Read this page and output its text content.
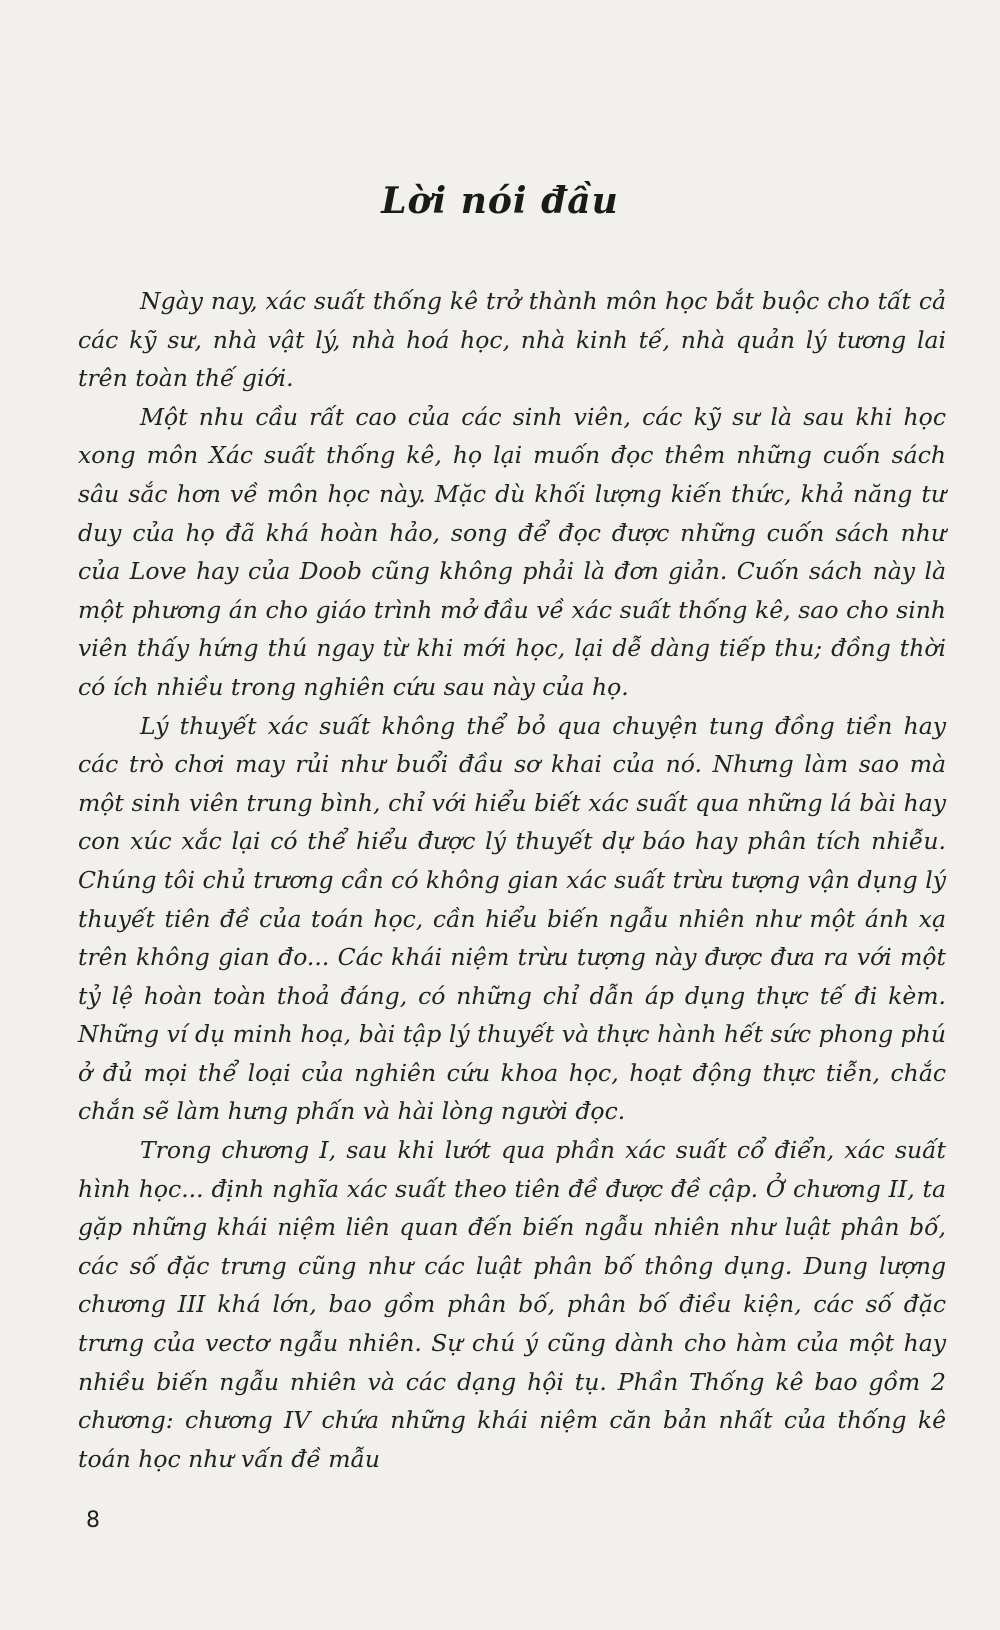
Lời nói đầu

Ngày nay, xác suất thống kê trở thành môn học bắt buộc cho tất cả các kỹ sư, nhà vật lý, nhà hoá học, nhà kinh tế, nhà quản lý tương lai trên toàn thế giới.

Một nhu cầu rất cao của các sinh viên, các kỹ sư là sau khi học xong môn Xác suất thống kê, họ lại muốn đọc thêm những cuốn sách sâu sắc hơn về môn học này. Mặc dù khối lượng kiến thức, khả năng tư duy của họ đã khá hoàn hảo, song để đọc được những cuốn sách như của Love hay của Doob cũng không phải là đơn giản. Cuốn sách này là một phương án cho giáo trình mở đầu về xác suất thống kê, sao cho sinh viên thấy hứng thú ngay từ khi mới học, lại dễ dàng tiếp thu; đồng thời có ích nhiều trong nghiên cứu sau này của họ.

Lý thuyết xác suất không thể bỏ qua chuyện tung đồng tiền hay các trò chơi may rủi như buổi đầu sơ khai của nó. Nhưng làm sao mà một sinh viên trung bình, chỉ với hiểu biết xác suất qua những lá bài hay con xúc xắc lại có thể hiểu được lý thuyết dự báo hay phân tích nhiễu. Chúng tôi chủ trương cần có không gian xác suất trừu tượng vận dụng lý thuyết tiên đề của toán học, cần hiểu biến ngẫu nhiên như một ánh xạ trên không gian đo... Các khái niệm trừu tượng này được đưa ra với một tỷ lệ hoàn toàn thoả đáng, có những chỉ dẫn áp dụng thực tế đi kèm. Những ví dụ minh hoạ, bài tập lý thuyết và thực hành hết sức phong phú ở đủ mọi thể loại của nghiên cứu khoa học, hoạt động thực tiễn, chắc chắn sẽ làm hưng phấn và hài lòng người đọc.

Trong chương I, sau khi lướt qua phần xác suất cổ điển, xác suất hình học... định nghĩa xác suất theo tiên đề được đề cập. Ở chương II, ta gặp những khái niệm liên quan đến biến ngẫu nhiên như luật phân bố, các số đặc trưng cũng như các luật phân bố thông dụng. Dung lượng chương III khá lớn, bao gồm phân bố, phân bố điều kiện, các số đặc trưng của vectơ ngẫu nhiên. Sự chú ý cũng dành cho hàm của một hay nhiều biến ngẫu nhiên và các dạng hội tụ. Phần Thống kê bao gồm 2 chương: chương IV chứa những khái niệm căn bản nhất của thống kê toán học như vấn đề mẫu

8
